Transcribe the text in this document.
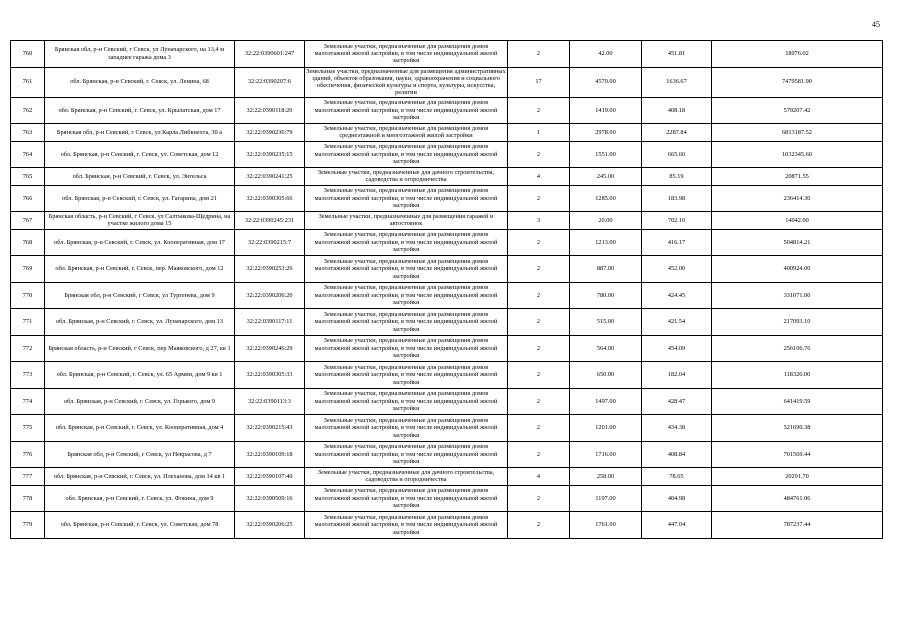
45
760	Брянская обл, р-н Севский, г Севск, ул Луначарского, на 13,4 м западнее гаража дома 3	32:22:0390601:247	Земельные участки, предназначенные для размещения домов малоэтажной жилой застройки, в том числе индивидуальной жилой застройки	2	42.00	451.81	18976.02
761	обл. Брянская, р-н Севский, г. Севск, ул. Ленина, 68	32:22:0390207:6	Земельные участки, предназначенные для размещения административных зданий, объектов образования, науки, здравоохранения и социального обеспечения, физической культуры и спорта, культуры, искусства, религии	17	4570.00	1636.67	7479581.90
762	обл. Брянская, р-н Севский, г. Севск, ул. Крылатская, дом 17	32:22:0390118:20	Земельные участки, предназначенные для размещения домов малоэтажной жилой застройки, в том числе индивидуальной жилой застройки	2	1419.00	408.18	579207.42
763	Брянская обл, р-н Севский, г Севск, ул Карла Либкнехта, 30 а	32:22:0390236:79	Земельные участки, предназначенные для размещения домов среднеэтажной и многоэтажной жилой застройки	1	2978.00	2287.84	6813187.52
764	обл. Брянская, р-н Севский, г. Севск, ул. Советская, дом 12	32:22:0390235:15	Земельные участки, предназначенные для размещения домов малоэтажной жилой застройки, в том числе индивидуальной жилой застройки	2	1551.00	665.60	1032345.60
765	обл. Брянская, р-н Севский, г. Севск, ул. Энгельса	32:22:0390241:25	Земельные участки, предназначенные для дачного строительства, садоводства и огородничества	4	245.00	85.19	20871.55
766	обл. Брянская, р-н Севский, г. Севск, ул. Гагарина, дом 21	32:22:0390305:66	Земельные участки, предназначенные для размещения домов малоэтажной жилой застройки, в том числе индивидуальной жилой застройки	2	1285.00	183.98	236414.30
767	Брянская область, р-н Севский, г Севск, ул Салтыкова-Щедрина, на участке жилого дома 15	32:22:0390245:231	Земельные участки, предназначенные для размещения гаражей и автостоянок	3	20.00	702.10	14042.00
768	обл. Брянская, р-н Севский, г. Севск, ул. Кооперативная, дом 17	32:22:0390215:7	Земельные участки, предназначенные для размещения домов малоэтажной жилой застройки, в том числе индивидуальной жилой застройки	2	1213.00	416.17	504814.21
769	обл. Брянская, р-н Севский, г. Севск, пер. Маяковского, дом 12	32:22:0390253:26	Земельные участки, предназначенные для размещения домов малоэтажной жилой застройки, в том числе индивидуальной жилой застройки	2	887.00	452.00	400924.00
770	Брянская обл, р-н Севский, г Севск, ул Тургенева, дом 9	32:22:0390206:20	Земельные участки, предназначенные для размещения домов малоэтажной жилой застройки, в том числе индивидуальной жилой застройки	2	780.00	424.45	331071.00
771	обл. Брянская, р-н Севский, г. Севск, ул. Луначарского, дом 13	32:22:0390117:11	Земельные участки, предназначенные для размещения домов малоэтажной жилой застройки, в том числе индивидуальной жилой застройки	2	515.00	421.54	217093.10
772	Брянская область, р-н Севский, г Севск, пер Маяковского, д 27, кв 1	32:22:0390246:29	Земельные участки, предназначенные для размещения домов малоэтажной жилой застройки, в том числе индивидуальной жилой застройки	2	564.00	454.09	256106.76
773	обл. Брянская, р-н Севский, г. Севск, ул. 65 Армии, дом 9 кв 1	32:22:0390305:33	Земельные участки, предназначенные для размещения домов малоэтажной жилой застройки, в том числе индивидуальной жилой застройки	2	650.00	182.04	118326.00
774	обл. Брянская, р-н Севский, г. Севск, ул. Горького, дом 9	32:22:0390113:3	Земельные участки, предназначенные для размещения домов малоэтажной жилой застройки, в том числе индивидуальной жилой застройки	2	1497.00	428.47	641419.59
775	обл. Брянская, р-н Севский, г. Севск, ул. Кооперативная, дом 4	32:22:0390215:43	Земельные участки, предназначенные для размещения домов малоэтажной жилой застройки, в том числе индивидуальной жилой застройки	2	1201.00	434.38	521690.38
776	Брянская обл, р-н Севский, г Севск, ул Некрасова, д 7	32:22:0390109:18	Земельные участки, предназначенные для размещения домов малоэтажной жилой застройки, в том числе индивидуальной жилой застройки	2	1716.00	408.84	701569.44
777	обл. Брянская, р-н Севский, г. Севск, ул. Плеханова, дом 14 кв 1	32:22:0390107:40	Земельные участки, предназначенные для дачного строительства, садоводства и огородничества	4	258.00	78.65	20291.70
778	обл. Брянская, р-н Севский, г. Севск, ул. Фокина, дом 9	32:22:0390509:16	Земельные участки, предназначенные для размещения домов малоэтажной жилой застройки, в том числе индивидуальной жилой застройки	2	1197.00	404.98	484761.06
779	обл. Брянская, р-н Севский, г. Севск, ул. Советская, дом 78	32:22:0390206:25	Земельные участки, предназначенные для размещения домов малоэтажной жилой застройки, в том числе индивидуальной жилой застройки	2	1761.00	447.04	787237.44
